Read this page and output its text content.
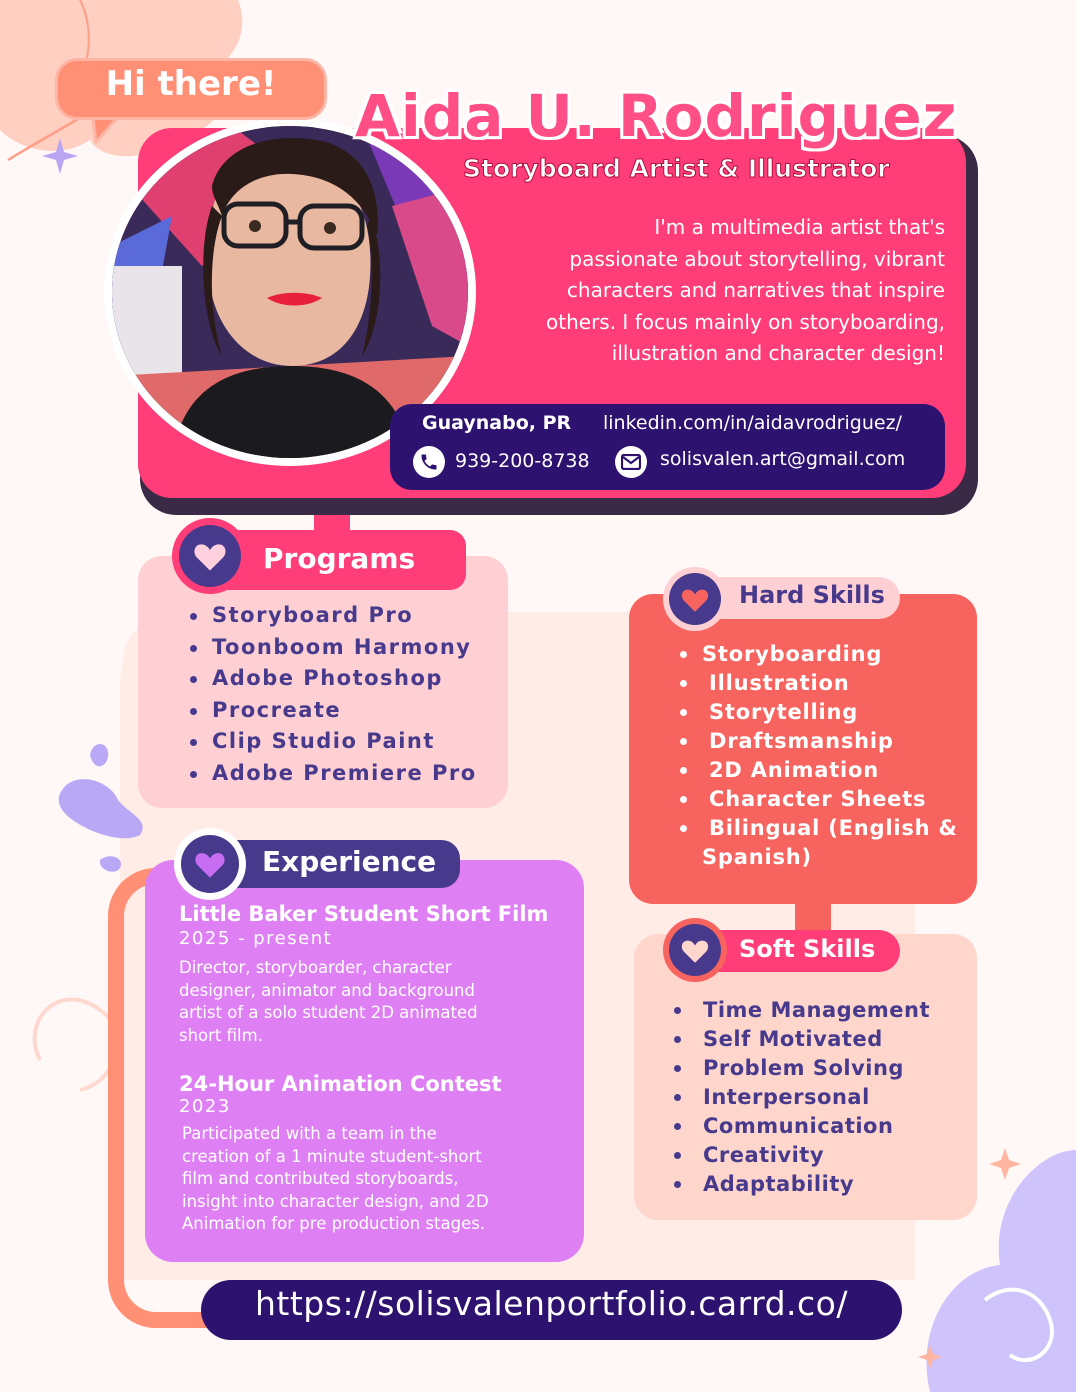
Hi there!	Aida U. Rodriguez
Storyboard Artist & Illustrator
I'm a multimedia artist that's
passionate about storytelling, vibrant
characters and narratives that inspire
others. I focus mainly on storyboarding,
illustration and character design!
Guaynabo, PR linkedin.com/in/aidavrodriguez/
939-200-8738	solisvalen.art@gmail.com
Programs
Storyboard Pro
Toonboom Harmony
Adobe Photoshop
Procreate
Clip Studio Paint
Adobe Premiere Pro
Hard Skills
Storyboarding
Illustration
Storytelling
Draftsmanship
2D Animation
Character Sheets
Bilingual (English &
Spanish)
Soft Skills
Time Management
Self Motivated
Problem Solving
Interpersonal
Communication
Creativity
Adaptability
Experience
Little Baker Student Short Film
2025 - present
Director, storyboarder, character
designer, animator and background
artist of a solo student 2D animated
short film.
24-Hour Animation Contest
2023
Participated with a team in the
creation of a 1 minute student-short
film and contributed storyboards,
insight into character design, and 2D
Animation for pre production stages.
https://solisvalenportfolio.carrd.co/
